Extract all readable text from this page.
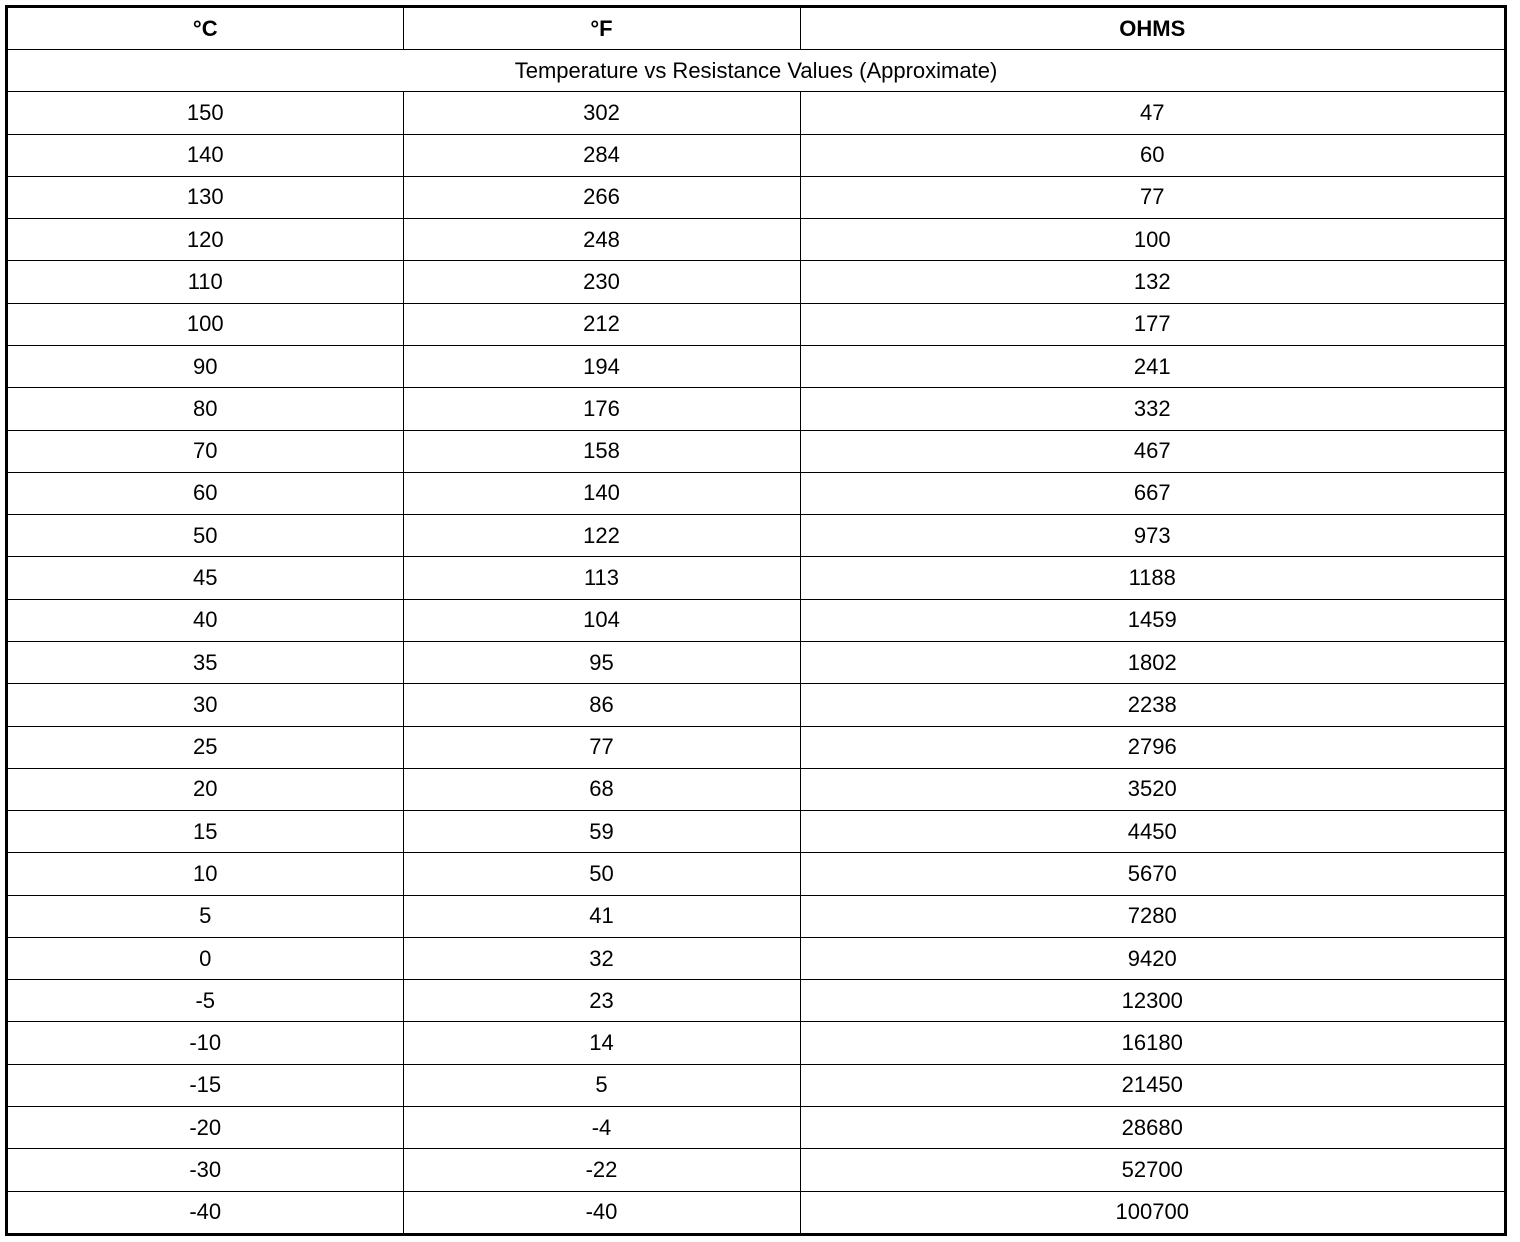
°C	°F	OHMS
Temperature vs Resistance Values (Approximate)		
150	302	47
140	284	60
130	266	77
120	248	100
110	230	132
100	212	177
90	194	241
80	176	332
70	158	467
60	140	667
50	122	973
45	113	1188
40	104	1459
35	95	1802
30	86	2238
25	77	2796
20	68	3520
15	59	4450
10	50	5670
5	41	7280
0	32	9420
-5	23	12300
-10	14	16180
-15	5	21450
-20	-4	28680
-30	-22	52700
-40	-40	100700
